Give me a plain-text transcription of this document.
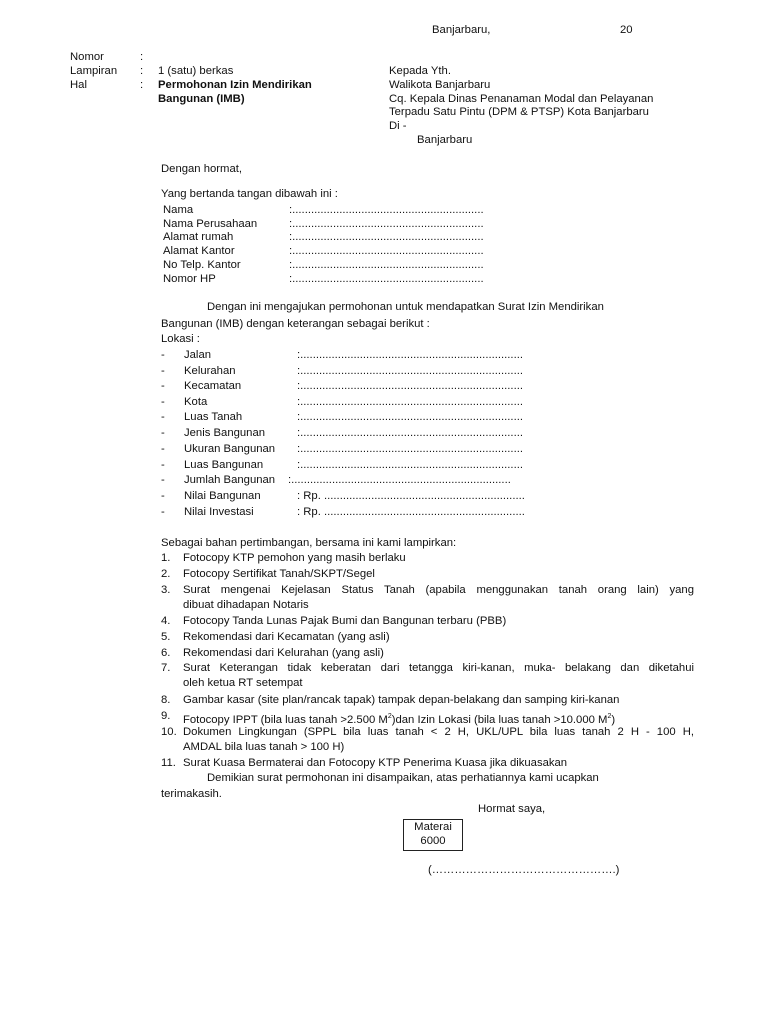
Banjarbaru,	20
Nomor	:
Lampiran : 1 (satu) berkas
Hal	: Permohonan Izin Mendirikan
Bangunan (IMB)
Kepada Yth.
Walikota Banjarbaru
Cq. Kepala Dinas Penanaman Modal dan Pelayanan
Terpadu Satu Pintu (DPM & PTSP) Kota Banjarbaru
Di -
Banjarbaru
Dengan hormat,
Yang bertanda tangan dibawah ini :
Nama	:.............................................................
Nama Perusahaan	:.............................................................
Alamat rumah	:.............................................................
Alamat Kantor	:.............................................................
No Telp. Kantor	:.............................................................
Nomor HP	:.............................................................
Dengan ini mengajukan permohonan untuk mendapatkan Surat Izin Mendirikan
Bangunan (IMB) dengan keterangan sebagai berikut :
Lokasi :
- Jalan	:.......................................................................
- Kelurahan	:.......................................................................
- Kecamatan	:.......................................................................
- Kota	:.......................................................................
- Luas Tanah	:.......................................................................
- Jenis Bangunan	:.......................................................................
- Ukuran Bangunan :.......................................................................
- Luas Bangunan	:.......................................................................
- Jumlah Bangunan :......................................................................
- Nilai Bangunan	: Rp. ................................................................
- Nilai Investasi	: Rp. ................................................................
Sebagai bahan pertimbangan, bersama ini kami lampirkan:
1. Fotocopy KTP pemohon yang masih berlaku
2. Fotocopy Sertifikat Tanah/SKPT/Segel
3. Surat mengenai Kejelasan Status Tanah (apabila menggunakan tanah orang lain) yang
dibuat dihadapan Notaris
4. Fotocopy Tanda Lunas Pajak Bumi dan Bangunan terbaru (PBB)
5. Rekomendasi dari Kecamatan (yang asli)
6. Rekomendasi dari Kelurahan (yang asli)
7. Surat Keterangan tidak keberatan dari tetangga kiri-kanan, muka- belakang dan diketahui
oleh ketua RT setempat
8. Gambar kasar (site plan/rancak tapak) tampak depan-belakang dan samping kiri-kanan
9. Fotocopy IPPT (bila luas tanah >2.500 $M^2)dan$ Izin Lokasi (bila luas tanah >10.000 $M^2$)
10. Dokumen Lingkungan (SPPL bila luas tanah < 2 H, UKL/UPL bila luas tanah 2 H - 100 H,
AMDAL bila luas tanah > 100 H)
11. Surat Kuasa Bermaterai dan Fotocopy KTP Penerima Kuasa jika dikuasakan
Demikian surat permohonan ini disampaikan, atas perhatiannya kami ucapkan
terimakasih.
Hormat saya,
Materai
6000
(………………………………………….)
